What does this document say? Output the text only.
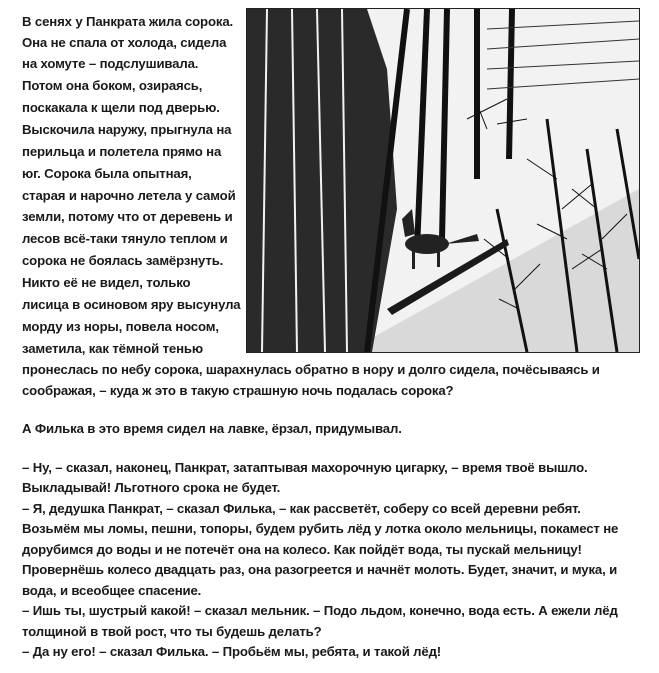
В сенях у Панкрата жила сорока.
Она не спала от холода, сидела
на хомуте – подслушивала.
Потом она боком, озираясь,
поскакала к щели под дверью.
Выскочила наружу, прыгнула на
перильца и полетела прямо на
юг. Сорока была опытная,
старая и нарочно летела у самой
земли, потому что от деревень и
лесов всё-таки тянуло теплом и
сорока не боялась замёрзнуть.
Никто её не видел, только
лисица в осиновом яру высунула
морду из норы, повела носом,
заметила, как тёмной тенью

пронеслась по небу сорока, шарахнулась обратно в нору и долго сидела, почёсываясь и соображая, – куда ж это в такую страшную ночь подалась сорока?

А Филька в это время сидел на лавке, ёрзал, придумывал.

– Ну, – сказал, наконец, Панкрат, затаптывая махорочную цигарку, – время твоё вышло. Выкладывай! Льготного срока не будет.

– Я, дедушка Панкрат, – сказал Филька, – как рассветёт, соберу со всей деревни ребят. Возьмём мы ломы, пешни, топоры, будем рубить лёд у лотка около мельницы, покамест не дорубимся до воды и не потечёт она на колесо. Как пойдёт вода, ты пускай мельницу! Провернёшь колесо двадцать раз, она разогреется и начнёт молоть. Будет, значит, и мука, и вода, и всеобщее спасение.

– Ишь ты, шустрый какой! – сказал мельник. – Подо льдом, конечно, вода есть. А ежели лёд толщиной в твой рост, что ты будешь делать?

– Да ну его! – сказал Филька. – Пробьём мы, ребята, и такой лёд!
